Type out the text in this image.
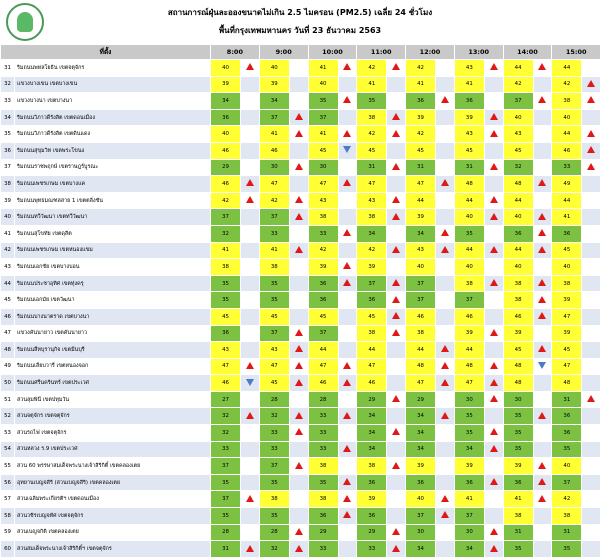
สถานการณ์ฝุ่นละอองขนาดไม่เกิน 2.5 ไมครอน (PM2.5) เฉลี่ย 24 ชั่วโมง
พื้นที่กรุงเทพมหานคร วันที่ 23 ธันวาคม 2563
ที่ตั้ง		8:00		9:00		10:00		11:00		12:00		13:00		14:00		15:00	
31	ริมถนนพหลโยธิน เขตจตุจักร	40		40		41		42		42		43		44		44	
32	แขวงบางเขน เขตบางเขน	39		39		40		41		41		41		42		42	
33	แขวงบางนา เขตบางนา	34		34		35		35		36		36		37		38	
34	ริมถนนวิภาวดีรังสิต เขตดอนเมือง	36		37		37		38		39		39		40		40	
35	ริมถนนวิภาวดีรังสิต เขตดินแดง	40		41		41		42		42		43		43		44	
36	ริมถนนสุขุมวิท เขตพระโขนง	46		46		45		45		45		45		45		46	
37	ริมถนนราชพฤกษ์ เขตราษฎร์บูรณะ	29		30		30		31		31		31		32		33	
38	ริมถนนเพชรเกษม เขตบางแค	46		47		47		47		47		48		48		49	
39	ริมถนนพุทธมณฑลสาย 1 เขตตลิ่งชัน	42		42		43		43		44		44		44		44	
40	ริมถนนทวีวัฒนา เขตทวีวัฒนา	37		37		38		38		39		40		40		41	
41	ริมถนนสุโขทัย เขตดุสิต	32		33		33		34		34		35		36		36	
42	ริมถนนเพชรเกษม เขตหนองแขม	41		41		42		42		43		44		44		45	
43	ริมถนนเอกชัย เขตบางบอน	38		38		39		39		40		40		40		40	
44	ริมถนนประชาอุทิศ เขตทุ่งครุ	35		35		36		37		37		38		38		38	
45	ริมถนนเอกมัย เขตวัฒนา	35		35		36		36		37		37		38		39	
46	ริมถนนบางนาตราด เขตบางนา	45		45		45		45		46		46		46		47	
47	แขวงคันนายาว เขตคันนายาว	36		37		37		38		38		39		39		39	
48	ริมถนนสีหบุรานุกิจ เขตมีนบุรี	43		43		44		44		44		44		45		45	
49	ริมถนนเลียบวารี เขตหนองจอก	47		47		47		47		48		48		48		47	
50	ริมถนนศรีนครินทร์ เขตประเวศ	46		45		46		46		47		47		48		48	
51	สวนลุมพินี เขตปทุมวัน	27		28		28		29		29		30		30		31	
52	สวนจตุจักร เขตจตุจักร	32		32		33		34		34		35		35		36	
53	สวนรถไฟ เขตจตุจักร	32		33		33		34		34		35		35		36	
54	สวนหลวง ร.9 เขตประเวศ	33		33		33		34		34		34		35		35	
55	สวน 60 พรรษาสมเด็จพระนางเจ้าสิริกิติ์ เขตคลองเตย	37		37		38		38		39		39		39		40	
56	อุทยานเบญจสิริ (สวนเบญจสิริ) เขตคลองเตย	35		35		35		36		36		36		36		37	
57	สวนเฉลิมพระเกียรติฯ เขตดอนเมือง	37		38		38		39		40		41		41		42	
58	สวนวชิรเบญจทัศ เขตจตุจักร	35		35		36		36		37		37		38		38	
59	สวนเบญจกิติ เขตคลองเตย	28		28		29		29		30		30		31		31	
60	สวนสมเด็จพระนางเจ้าสิริกิติ์ฯ เขตจตุจักร	31		32		33		33		34		34		35		35	
